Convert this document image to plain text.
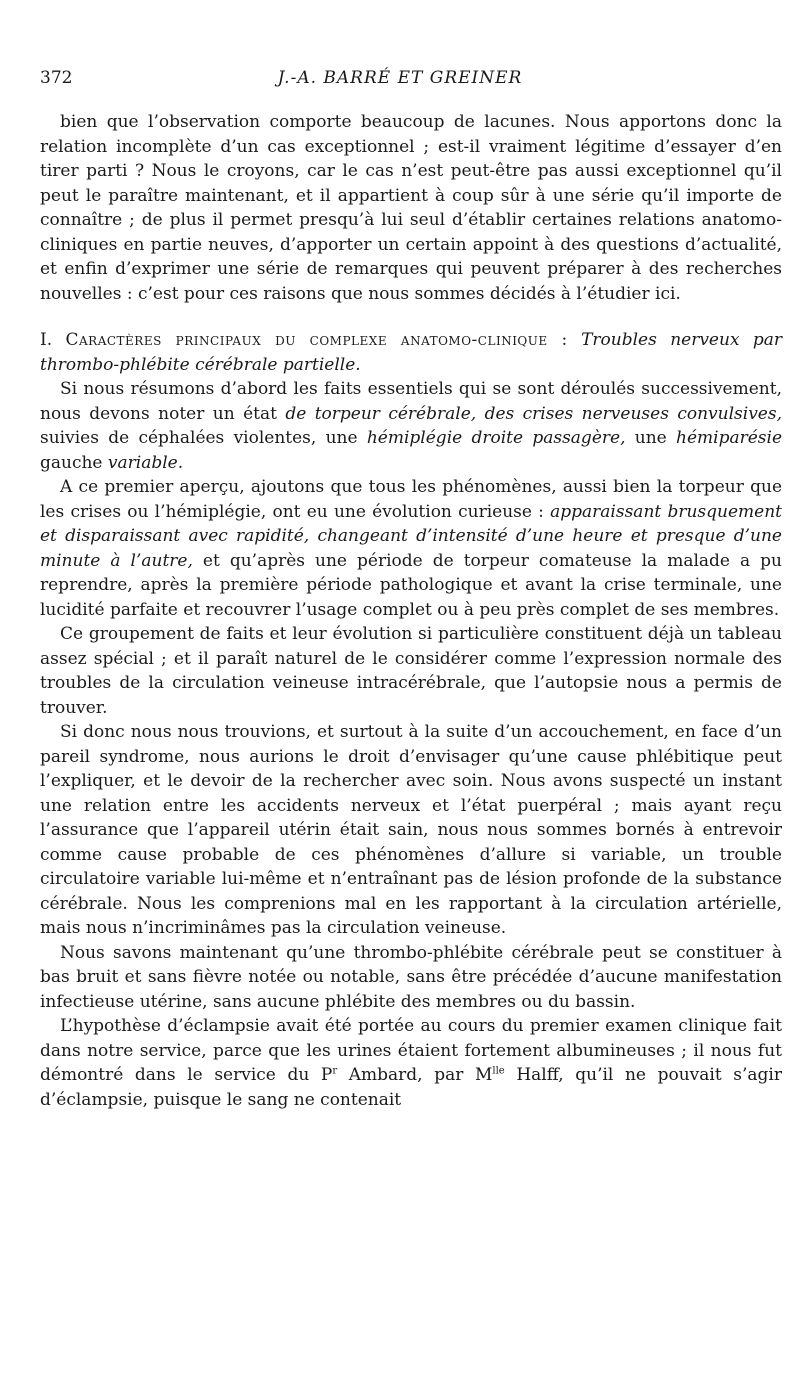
372	J.-A. BARRÉ ET GREINER

bien que l’observation comporte beaucoup de lacunes. Nous apportons donc la relation incomplète d’un cas exceptionnel ; est-il vraiment légitime d’essayer d’en tirer parti ? Nous le croyons, car le cas n’est peut-être pas aussi exceptionnel qu’il peut le paraître maintenant, et il appartient à coup sûr à une série qu’il importe de connaître ; de plus il permet presqu’à lui seul d’établir certaines relations anatomo-cliniques en partie neuves, d’apporter un certain appoint à des questions d’actualité, et enfin d’exprimer une série de remarques qui peuvent préparer à des recherches nouvelles : c’est pour ces raisons que nous sommes décidés à l’étudier ici.

I. Caractères principaux du complexe anatomo-clinique : Troubles nerveux par thrombo-phlébite cérébrale partielle.

Si nous résumons d’abord les faits essentiels qui se sont déroulés successivement, nous devons noter un état de torpeur cérébrale, des crises nerveuses convulsives, suivies de céphalées violentes, une hémiplégie droite passagère, une hémiparésie gauche variable.

A ce premier aperçu, ajoutons que tous les phénomènes, aussi bien la torpeur que les crises ou l’hémiplégie, ont eu une évolution curieuse : apparaissant brusquement et disparaissant avec rapidité, changeant d’intensité d’une heure et presque d’une minute à l’autre, et qu’après une période de torpeur comateuse la malade a pu reprendre, après la première période pathologique et avant la crise terminale, une lucidité parfaite et recouvrer l’usage complet ou à peu près complet de ses membres.

Ce groupement de faits et leur évolution si particulière constituent déjà un tableau assez spécial ; et il paraît naturel de le considérer comme l’expression normale des troubles de la circulation veineuse intracérébrale, que l’autopsie nous a permis de trouver.

Si donc nous nous trouvions, et surtout à la suite d’un accouchement, en face d’un pareil syndrome, nous aurions le droit d’envisager qu’une cause phlébitique peut l’expliquer, et le devoir de la rechercher avec soin. Nous avons suspecté un instant une relation entre les accidents nerveux et l’état puerpéral ; mais ayant reçu l’assurance que l’appareil utérin était sain, nous nous sommes bornés à entrevoir comme cause probable de ces phénomènes d’allure si variable, un trouble circulatoire variable lui-même et n’entraînant pas de lésion profonde de la substance cérébrale. Nous les comprenions mal en les rapportant à la circulation artérielle, mais nous n’incriminâmes pas la circulation veineuse.

Nous savons maintenant qu’une thrombo-phlébite cérébrale peut se constituer à bas bruit et sans fièvre notée ou notable, sans être précédée d’aucune manifestation infectieuse utérine, sans aucune phlébite des membres ou du bassin.

L’hypothèse d’éclampsie avait été portée au cours du premier examen clinique fait dans notre service, parce que les urines étaient fortement albumineuses ; il nous fut démontré dans le service du $P^r$ Ambard, par $M^{lle}$ Halff, qu’il ne pouvait s’agir d’éclampsie, puisque le sang ne contenait
